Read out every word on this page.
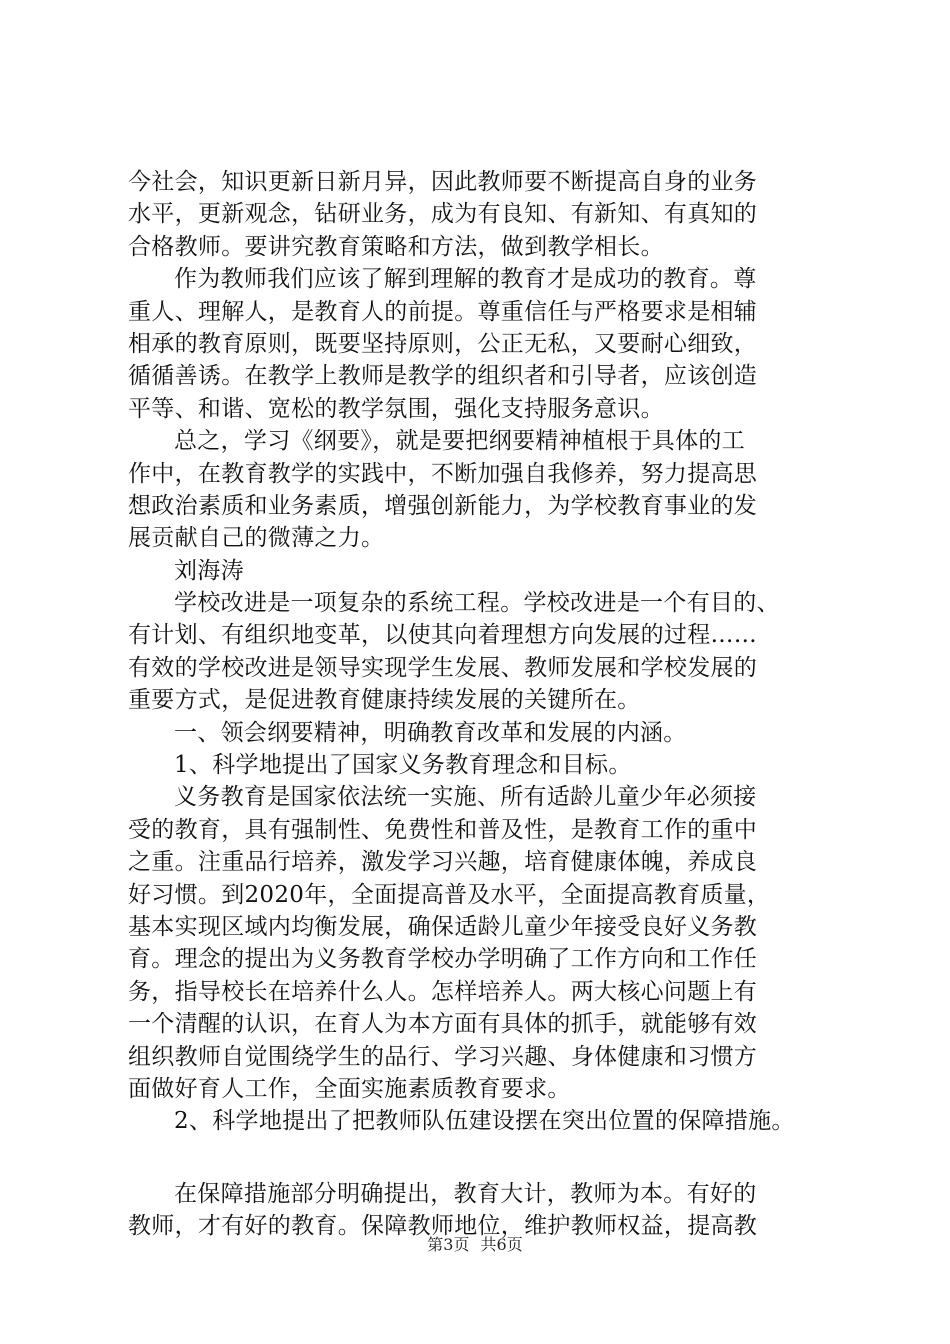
今社会，知识更新日新月异，因此教师要不断提高自身的业务
水平，更新观念，钻研业务，成为有良知、有新知、有真知的
合格教师。要讲究教育策略和方法，做到教学相长。
作为教师我们应该了解到理解的教育才是成功的教育。尊
重人、理解人，是教育人的前提。尊重信任与严格要求是相辅
相承的教育原则，既要坚持原则，公正无私，又要耐心细致，
循循善诱。在教学上教师是教学的组织者和引导者，应该创造
平等、和谐、宽松的教学氛围，强化支持服务意识。
总之，学习《纲要》，就是要把纲要精神植根于具体的工
作中，在教育教学的实践中，不断加强自我修养，努力提高思
想政治素质和业务素质，增强创新能力，为学校教育事业的发
展贡献自己的微薄之力。
刘海涛
学校改进是一项复杂的系统工程。学校改进是一个有目的、
有计划、有组织地变革，以使其向着理想方向发展的过程……
有效的学校改进是领导实现学生发展、教师发展和学校发展的
重要方式，是促进教育健康持续发展的关键所在。
一、领会纲要精神，明确教育改革和发展的内涵。
1、科学地提出了国家义务教育理念和目标。
义务教育是国家依法统一实施、所有适龄儿童少年必须接
受的教育，具有强制性、免费性和普及性，是教育工作的重中
之重。注重品行培养，激发学习兴趣，培育健康体魄，养成良
好习惯。到2020年，全面提高普及水平，全面提高教育质量，
基本实现区域内均衡发展，确保适龄儿童少年接受良好义务教
育。理念的提出为义务教育学校办学明确了工作方向和工作任
务，指导校长在培养什么人。怎样培养人。两大核心问题上有
一个清醒的认识，在育人为本方面有具体的抓手，就能够有效
组织教师自觉围绕学生的品行、学习兴趣、身体健康和习惯方
面做好育人工作，全面实施素质教育要求。
2、科学地提出了把教师队伍建设摆在突出位置的保障措施。
在保障措施部分明确提出，教育大计，教师为本。有好的
教师，才有好的教育。保障教师地位，维护教师权益，提高教
第3页 共6页
